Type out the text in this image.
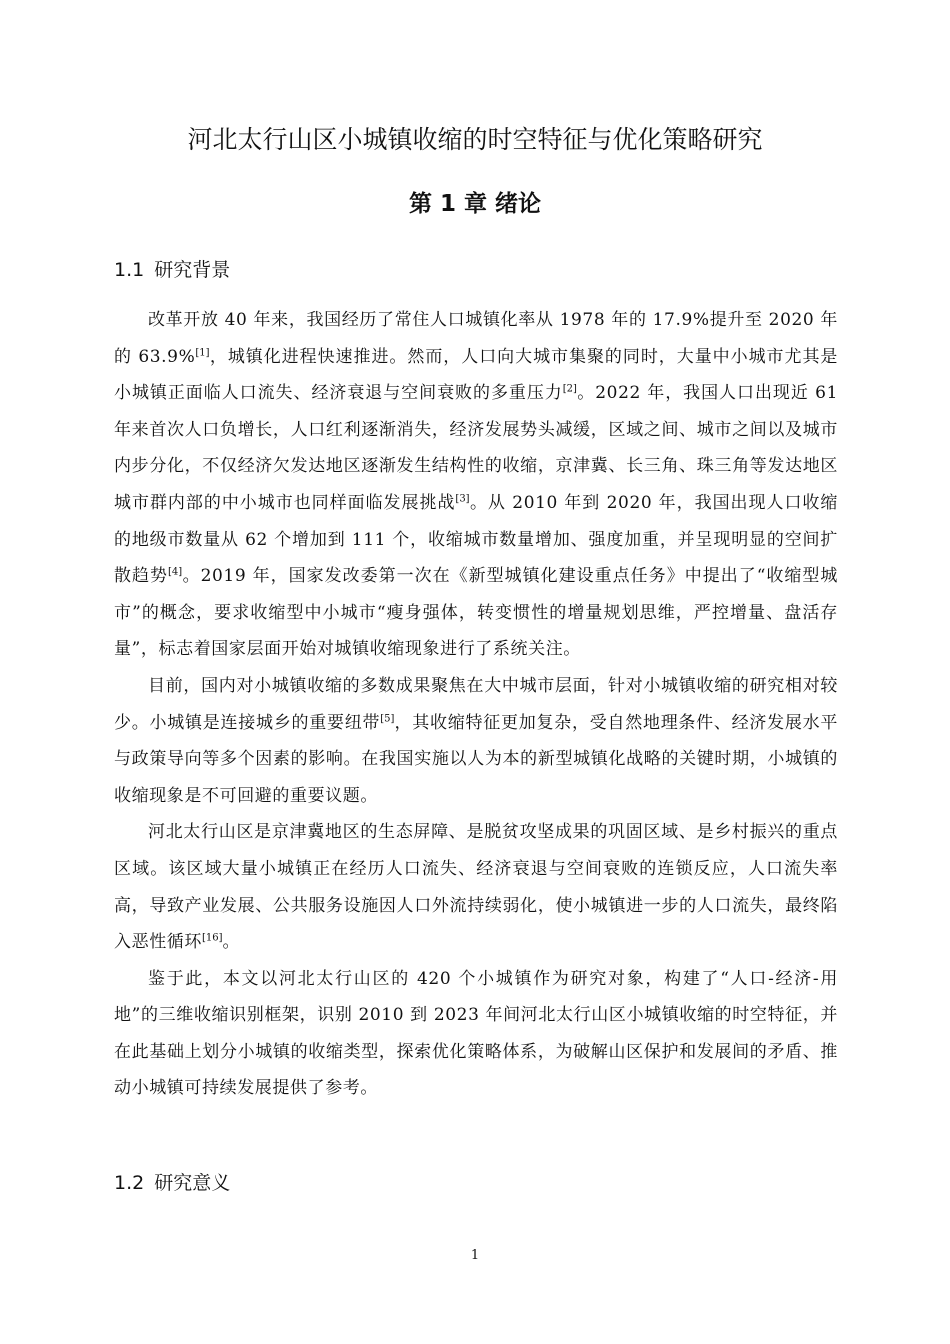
河北太行山区小城镇收缩的时空特征与优化策略研究
第 1 章 绪论
1.1 研究背景

改革开放 40 年来，我国经历了常住人口城镇化率从 1978 年的 17.9%提升至 2020 年的 63.9%[1]，城镇化进程快速推进。然而，人口向大城市集聚的同时，大量中小城市尤其是小城镇正面临人口流失、经济衰退与空间衰败的多重压力[2]。2022 年，我国人口出现近 61 年来首次人口负增长，人口红利逐渐消失，经济发展势头减缓，区域之间、城市之间以及城市内步分化，不仅经济欠发达地区逐渐发生结构性的收缩，京津冀、长三角、珠三角等发达地区城市群内部的中小城市也同样面临发展挑战[3]。从 2010 年到 2020 年，我国出现人口收缩的地级市数量从 62 个增加到 111 个，收缩城市数量增加、强度加重，并呈现明显的空间扩散趋势[4]。2019 年，国家发改委第一次在《新型城镇化建设重点任务》中提出了“收缩型城市”的概念，要求收缩型中小城市“瘦身强体，转变惯性的增量规划思维，严控增量、盘活存量”，标志着国家层面开始对城镇收缩现象进行了系统关注。

目前，国内对小城镇收缩的多数成果聚焦在大中城市层面，针对小城镇收缩的研究相对较少。小城镇是连接城乡的重要纽带[5]，其收缩特征更加复杂，受自然地理条件、经济发展水平与政策导向等多个因素的影响。在我国实施以人为本的新型城镇化战略的关键时期，小城镇的收缩现象是不可回避的重要议题。

河北太行山区是京津冀地区的生态屏障、是脱贫攻坚成果的巩固区域、是乡村振兴的重点区域。该区域大量小城镇正在经历人口流失、经济衰退与空间衰败的连锁反应，人口流失率高，导致产业发展、公共服务设施因人口外流持续弱化，使小城镇进一步的人口流失，最终陷入恶性循环[16]。

鉴于此，本文以河北太行山区的 420 个小城镇作为研究对象，构建了“人口-经济-用地”的三维收缩识别框架，识别 2010 到 2023 年间河北太行山区小城镇收缩的时空特征，并在此基础上划分小城镇的收缩类型，探索优化策略体系，为破解山区保护和发展间的矛盾、推动小城镇可持续发展提供了参考。

1.2 研究意义
1
